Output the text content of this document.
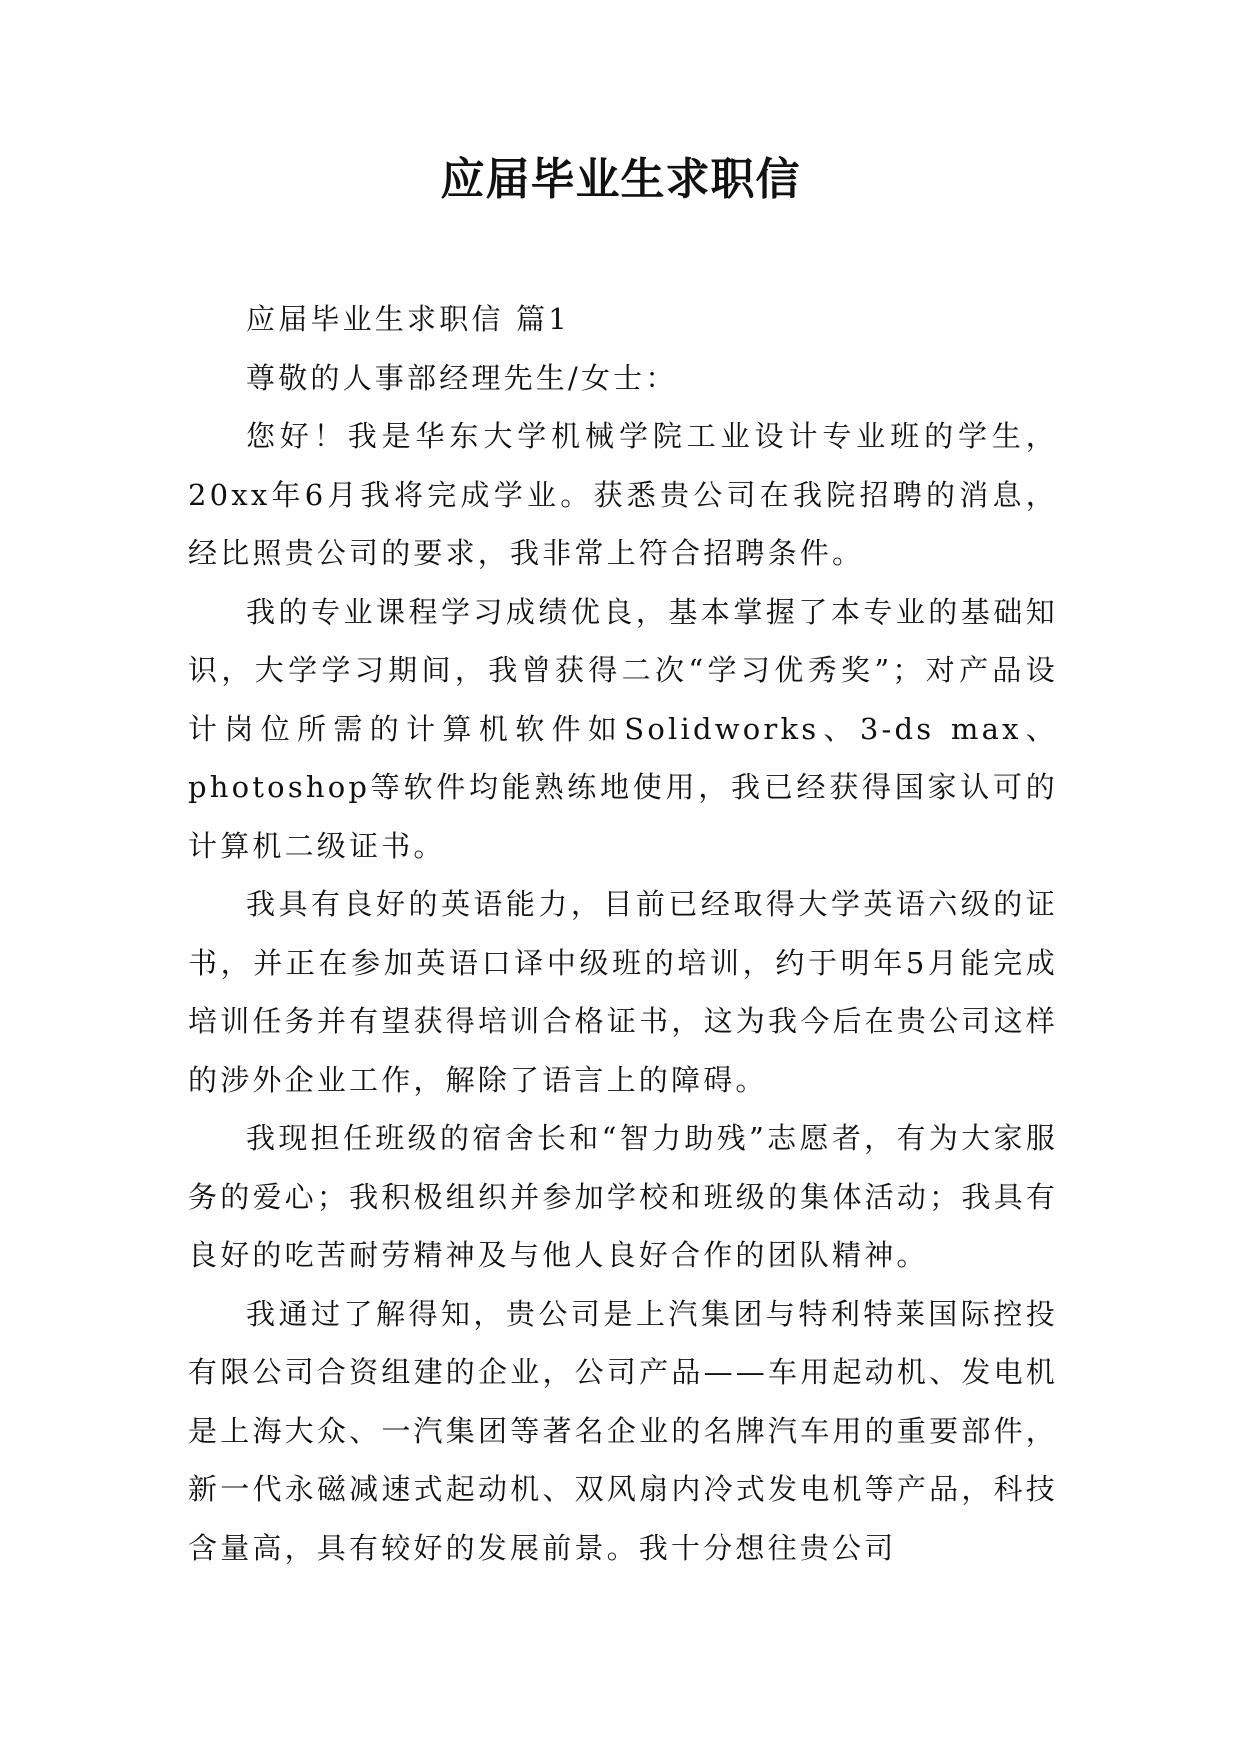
应届毕业生求职信

应届毕业生求职信 篇1

尊敬的人事部经理先生/女士：

您好！我是华东大学机械学院工业设计专业班的学生，20xx年6月我将完成学业。获悉贵公司在我院招聘的消息，经比照贵公司的要求，我非常上符合招聘条件。

我的专业课程学习成绩优良，基本掌握了本专业的基础知识，大学学习期间，我曾获得二次“学习优秀奖”；对产品设计岗位所需的计算机软件如Solidworks、3-ds max、photoshop等软件均能熟练地使用，我已经获得国家认可的计算机二级证书。

我具有良好的英语能力，目前已经取得大学英语六级的证书，并正在参加英语口译中级班的培训，约于明年5月能完成培训任务并有望获得培训合格证书，这为我今后在贵公司这样的涉外企业工作，解除了语言上的障碍。

我现担任班级的宿舍长和“智力助残”志愿者，有为大家服务的爱心；我积极组织并参加学校和班级的集体活动；我具有良好的吃苦耐劳精神及与他人良好合作的团队精神。

我通过了解得知，贵公司是上汽集团与特利特莱国际控投有限公司合资组建的企业，公司产品——车用起动机、发电机是上海大众、一汽集团等著名企业的名牌汽车用的重要部件，新一代永磁减速式起动机、双风扇内冷式发电机等产品，科技含量高，具有较好的发展前景。我十分想往贵公司
